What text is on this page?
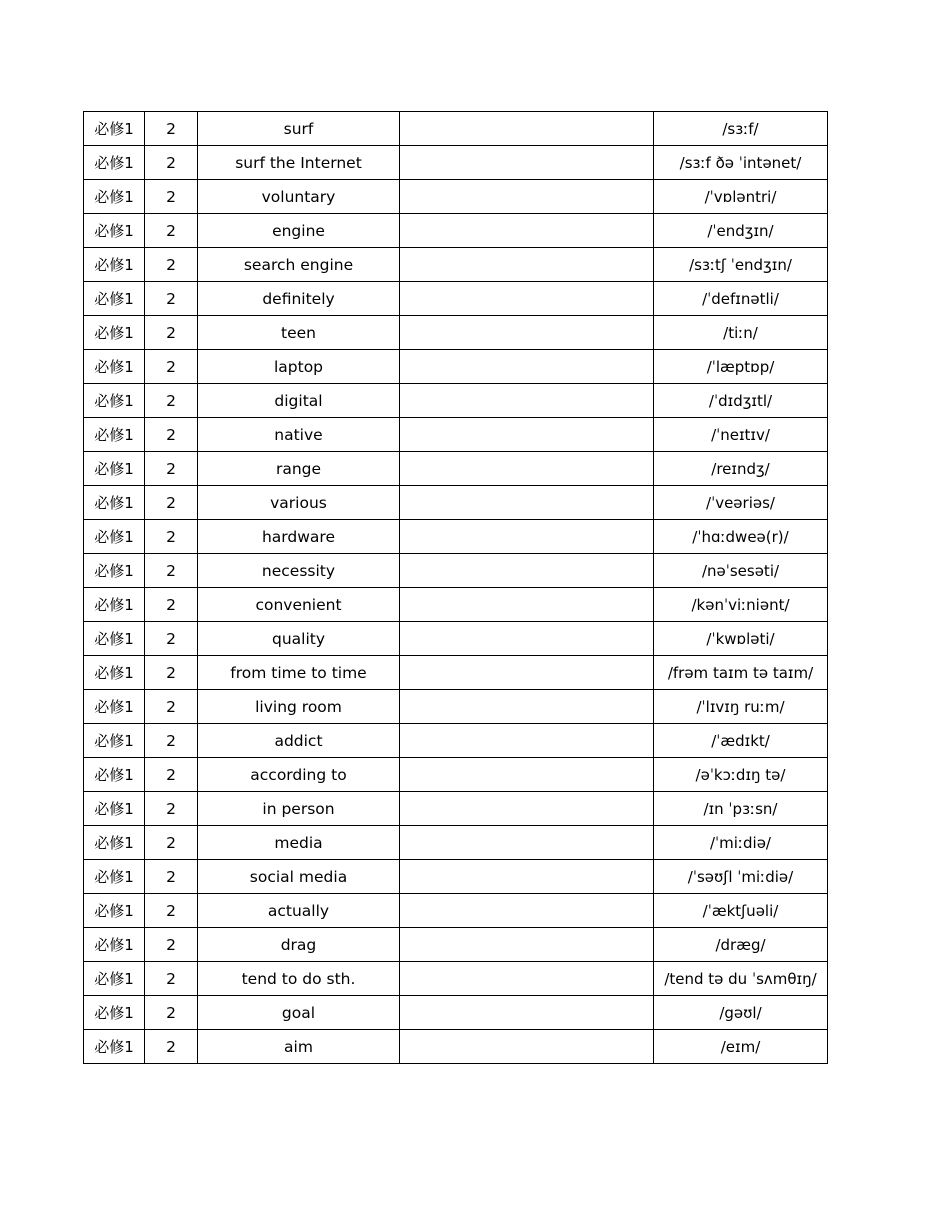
必修1	2	surf		/sɜːf/
必修1	2	surf the Internet		/sɜːf ðə ˈintənet/
必修1	2	voluntary		/ˈvɒləntri/
必修1	2	engine		/ˈendʒɪn/
必修1	2	search engine		/sɜːtʃ ˈendʒɪn/
必修1	2	definitely		/ˈdefɪnətli/
必修1	2	teen		/tiːn/
必修1	2	laptop		/ˈlæptɒp/
必修1	2	digital		/ˈdɪdʒɪtl/
必修1	2	native		/ˈneɪtɪv/
必修1	2	range		/reɪndʒ/
必修1	2	various		/ˈveəriəs/
必修1	2	hardware		/ˈhɑːdweə(r)/
必修1	2	necessity		/nəˈsesəti/
必修1	2	convenient		/kənˈviːniənt/
必修1	2	quality		/ˈkwɒləti/
必修1	2	from time to time		/frəm taɪm tə taɪm/
必修1	2	living room		/ˈlɪvɪŋ ruːm/
必修1	2	addict		/ˈædɪkt/
必修1	2	according to		/əˈkɔːdɪŋ tə/
必修1	2	in person		/ɪn ˈpɜːsn/
必修1	2	media		/ˈmiːdiə/
必修1	2	social media		/ˈsəʊʃl ˈmiːdiə/
必修1	2	actually		/ˈæktʃuəli/
必修1	2	drag		/dræg/
必修1	2	tend to do sth.		/tend tə du ˈsʌmθɪŋ/
必修1	2	goal		/gəʊl/
必修1	2	aim		/eɪm/
